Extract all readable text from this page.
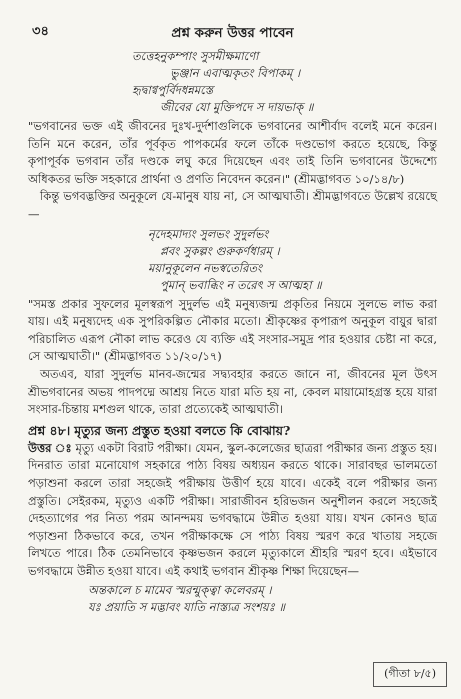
৩৪	প্রশ্ন করুন উত্তর পাবেন
তত্তেহনুকম্পাং সুসমীক্ষমাণো
ভুঞ্জান এবাত্মকৃতং বিপাকম্ ।
হৃদ্বাগ্বপুর্বিদধন্নমস্তে
জীবের যো মুক্তিপদে স দায়ভাক্ ॥

"ভগবানের ভক্ত এই জীবনের দুঃখ-দুর্দশাগুলিকে ভগবানের আশীর্বাদ বলেই মনে করেন। তিনি মনে করেন, তাঁর পূর্বকৃত পাপকর্মের ফলে তাঁকে দণ্ডভোগ করতে হয়েছে, কিন্তু কৃপাপূর্বক ভগবান তাঁর দণ্ডকে লঘু করে দিয়েছেন এবং তাই তিনি ভগবানের উদ্দেশ্যে অধিকতর ভক্তি সহকারে প্রার্থনা ও প্রণতি নিবেদন করেন।" (শ্রীমদ্ভাগবত ১০/১৪/৮)

কিন্তু ভগবদ্ভক্তির অনুকূলে যে-মানুষ যায় না, সে আত্মঘাতী। শ্রীমদ্ভাগবতে উল্লেখ রয়েছে—

নৃদেহমাদ্যং সুলভং সুদুর্লভং
প্লবং সুকল্পং গুরুকর্ণধারম্ ।
ময়ানুকূলেন নভস্বতেরিতং
পুমান্ ভবাব্ধিং ন তরেৎ স আত্মহা ॥

"সমস্ত প্রকার সুফলের মূলস্বরূপ সুদুর্লভ এই মনুষ্যজন্ম প্রকৃতির নিয়মে সুলভে লাভ করা যায়। এই মনুষ্যদেহ এক সুপরিকল্পিত নৌকার মতো। শ্রীকৃষ্ণের কৃপারূপ অনুকূল বায়ুর দ্বারা পরিচালিত এরূপ নৌকা লাভ করেও যে ব্যক্তি এই সংসার-সমুদ্র পার হওয়ার চেষ্টা না করে, সে আত্মঘাতী।" (শ্রীমদ্ভাগবত ১১/২০/১৭)

অতএব, যারা সুদুর্লভ মানব-জন্মের সদ্ব্যবহার করতে জানে না, জীবনের মূল উৎস শ্রীভগবানের অভয় পাদপদ্মে আশ্রয় নিতে যারা মতি হয় না, কেবল মায়ামোহগ্রস্ত হয়ে যারা সংসার-চিন্তায় মশগুল থাকে, তারা প্রত্যেকেই আত্মঘাতী।

প্রশ্ন ৪৮। মৃত্যুর জন্য প্রস্তুত হওয়া বলতে কি বোঝায়?

উত্তর ঃ মৃত্যু একটা বিরাট পরীক্ষা। যেমন, স্কুল-কলেজের ছাত্ররা পরীক্ষার জন্য প্রস্তুত হয়। দিনরাত তারা মনোযোগ সহকারে পাঠ্য বিষয় অধ্যয়ন করতে থাকে। সারাবছর ভালমতো পড়াশুনা করলে তারা সহজেই পরীক্ষায় উত্তীর্ণ হয়ে যাবে। একেই বলে পরীক্ষার জন্য প্রস্তুতি। সেইরকম, মৃত্যুও একটি পরীক্ষা। সারাজীবন হরিভজন অনুশীলন করলে সহজেই দেহত্যাগের পর নিত্য পরম আনন্দময় ভগবদ্ধামে উন্নীত হওয়া যায়। যখন কোনও ছাত্র পড়াশুনা ঠিকভাবে করে, তখন পরীক্ষাকক্ষে সে পাঠ্য বিষয় স্মরণ করে খাতায় সহজে লিখতে পারে। ঠিক তেমনিভাবে কৃষ্ণভজন করলে মৃত্যুকালে শ্রীহরি স্মরণ হবে। এইভাবে ভগবদ্ধামে উন্নীত হওয়া যাবে। এই কথাই ভগবান শ্রীকৃষ্ণ শিক্ষা দিয়েছেন—

অন্তকালে চ মামেব স্মরন্মুক্ত্বা কলেবরম্ ।
যঃ প্রয়াতি স মদ্ভাবং যাতি নাস্ত্যত্র সংশয়ঃ ॥
(গীতা ৮/৫)
